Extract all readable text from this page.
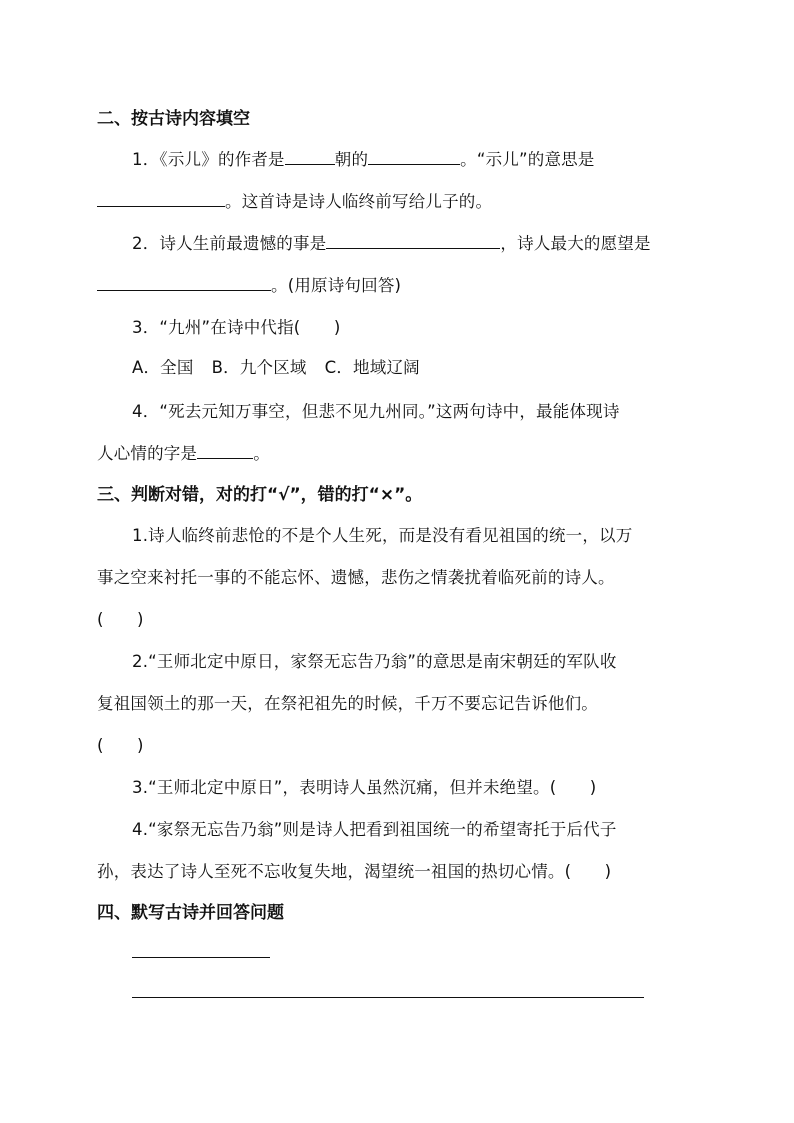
二、按古诗内容填空
1．《示儿》的作者是	朝的	。“示儿”的意思是
。这首诗是诗人临终前写给儿子的。
2．诗人生前最遗憾的事是	，诗人最大的愿望是
。(用原诗句回答)
3．“九州”在诗中代指(　　)
A．全国 B．九个区域 C．地域辽阔
4．“死去元知万事空，但悲不见九州同。”这两句诗中，最能体现诗
人心情的字是	。
三、判断对错，对的打“√”，错的打“×”。
1.诗人临终前悲怆的不是个人生死，而是没有看见祖国的统一，以万
事之空来衬托一事的不能忘怀、遗憾，悲伤之情袭扰着临死前的诗人。
(　　)
2.“王师北定中原日，家祭无忘告乃翁”的意思是南宋朝廷的军队收
复祖国领土的那一天，在祭祀祖先的时候，千万不要忘记告诉他们。
(　　)
3.“王师北定中原日”，表明诗人虽然沉痛，但并未绝望。(　　)
4.“家祭无忘告乃翁”则是诗人把看到祖国统一的希望寄托于后代子
孙，表达了诗人至死不忘收复失地，渴望统一祖国的热切心情。(　　)
四、默写古诗并回答问题
